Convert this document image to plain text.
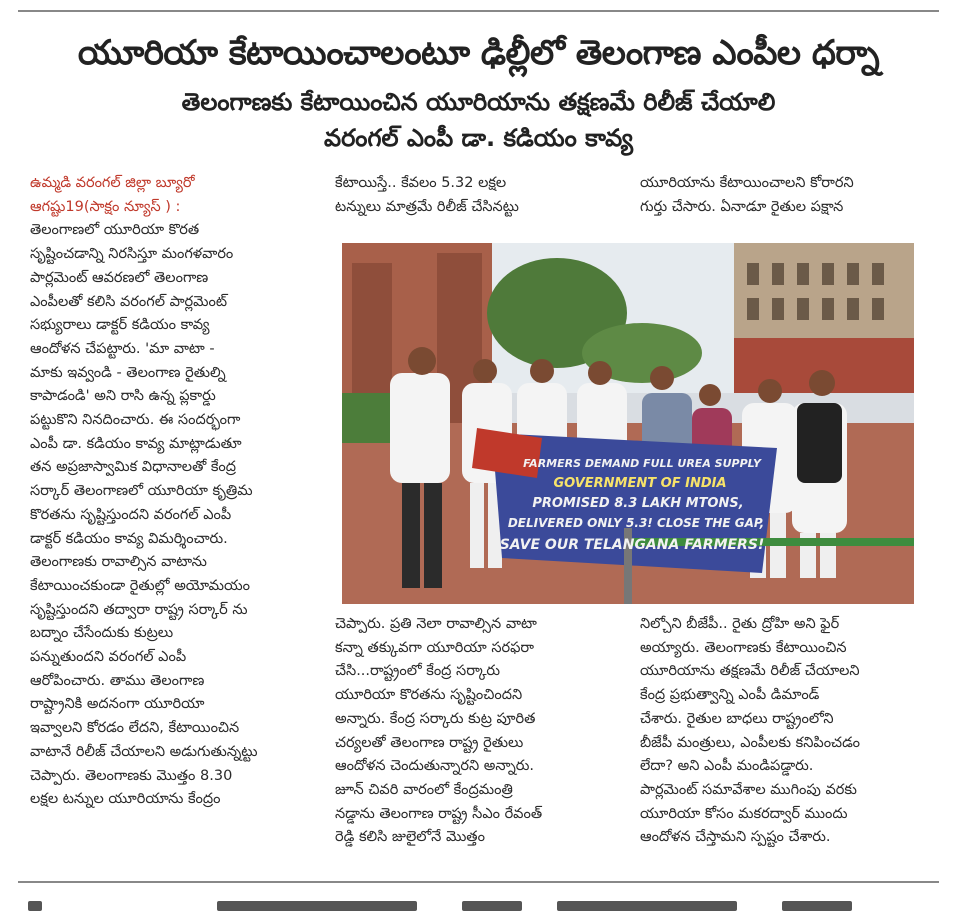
యూరియా కేటాయించాలంటూ ఢిల్లీలో తెలంగాణ ఎంపీల ధర్నా
తెలంగాణకు కేటాయించిన యూరియాను తక్షణమే రిలీజ్ చేయాలి
వరంగల్ ఎంపీ డా. కడియం కావ్య

ఉమ్మడి వరంగల్ జిల్లా బ్యూరో

ఆగష్టు19(సాక్షం న్యూస్ ) :

తెలంగాణలో యూరియా కొరత

సృష్టించడాన్ని నిరసిస్తూ మంగళవారం

పార్లమెంట్ ఆవరణలో తెలంగాణ

ఎంపీలతో కలిసి వరంగల్ పార్లమెంట్

సభ్యురాలు డాక్టర్ కడియం కావ్య

ఆందోళన చేపట్టారు. 'మా వాటా -

మాకు ఇవ్వండి - తెలంగాణ రైతుల్ని

కాపాడండి' అని రాసి ఉన్న ప్లకార్డు

పట్టుకొని నినదించారు. ఈ సందర్భంగా

ఎంపీ డా. కడియం కావ్య మాట్లాడుతూ

తన అప్రజాస్వామిక విధానాలతో కేంద్ర

సర్కార్ తెలంగాణలో యూరియా కృత్రిమ

కొరతను సృష్టిస్తుందని వరంగల్ ఎంపీ

డాక్టర్ కడియం కావ్య విమర్శించారు.

తెలంగాణకు రావాల్సిన వాటాను

కేటాయించకుండా రైతుల్లో అయోమయం

సృష్టిస్తుందని తద్వారా రాష్ట్ర సర్కార్ ను

బద్నాం చేసేందుకు కుట్రలు

పన్నుతుందని వరంగల్ ఎంపీ

ఆరోపించారు. తాము తెలంగాణ

రాష్ట్రానికి అదనంగా యూరియా

ఇవ్వాలని కోరడం లేదని, కేటాయించిన

వాటానే రిలీజ్ చేయాలని అడుగుతున్నట్టు

చెప్పారు. తెలంగాణకు మొత్తం 8.30

లక్షల టన్నుల యూరియాను కేంద్రం

కేటాయిస్తే.. కేవలం 5.32 లక్షల

టన్నులు మాత్రమే రిలీజ్ చేసినట్టు

యూరియాను కేటాయించాలని కోరారని

గుర్తు చేసారు. ఏనాడూ రైతుల పక్షాన

FARMERS DEMAND FULL UREA SUPPLY
GOVERNMENT OF INDIA
PROMISED 8.3 LAKH MTONS,
DELIVERED ONLY 5.3! CLOSE THE GAP,
SAVE OUR TELANGANA FARMERS!

చెప్పారు. ప్రతి నెలా రావాల్సిన వాటా

కన్నా తక్కువగా యూరియా సరఫరా

చేసి...రాష్ట్రంలో కేంద్ర సర్కారు

యూరియా కొరతను సృష్టించిందని

అన్నారు. కేంద్ర సర్కారు కుట్ర పూరిత

చర్యలతో తెలంగాణ రాష్ట్ర రైతులు

ఆందోళన చెందుతున్నారని అన్నారు.

జూన్ చివరి వారంలో కేంద్రమంత్రి

నడ్డాను తెలంగాణ రాష్ట్ర సీఎం రేవంత్

రెడ్డి కలిసి జులైలోనే మొత్తం

నిల్చోని బీజేపీ.. రైతు ద్రోహి అని ఫైర్

అయ్యారు. తెలంగాణకు కేటాయించిన

యూరియాను తక్షణమే రిలీజ్ చేయాలని

కేంద్ర ప్రభుత్వాన్ని ఎంపీ డిమాండ్

చేశారు. రైతుల బాధలు రాష్ట్రంలోని

బీజేపీ మంత్రులు, ఎంపీలకు కనిపించడం

లేదా? అని ఎంపీ మండిపడ్డారు.

పార్లమెంట్ సమావేశాల ముగింపు వరకు

యూరియా కోసం మకరద్వార్ ముందు

ఆందోళన చేస్తామని స్పష్టం చేశారు.
